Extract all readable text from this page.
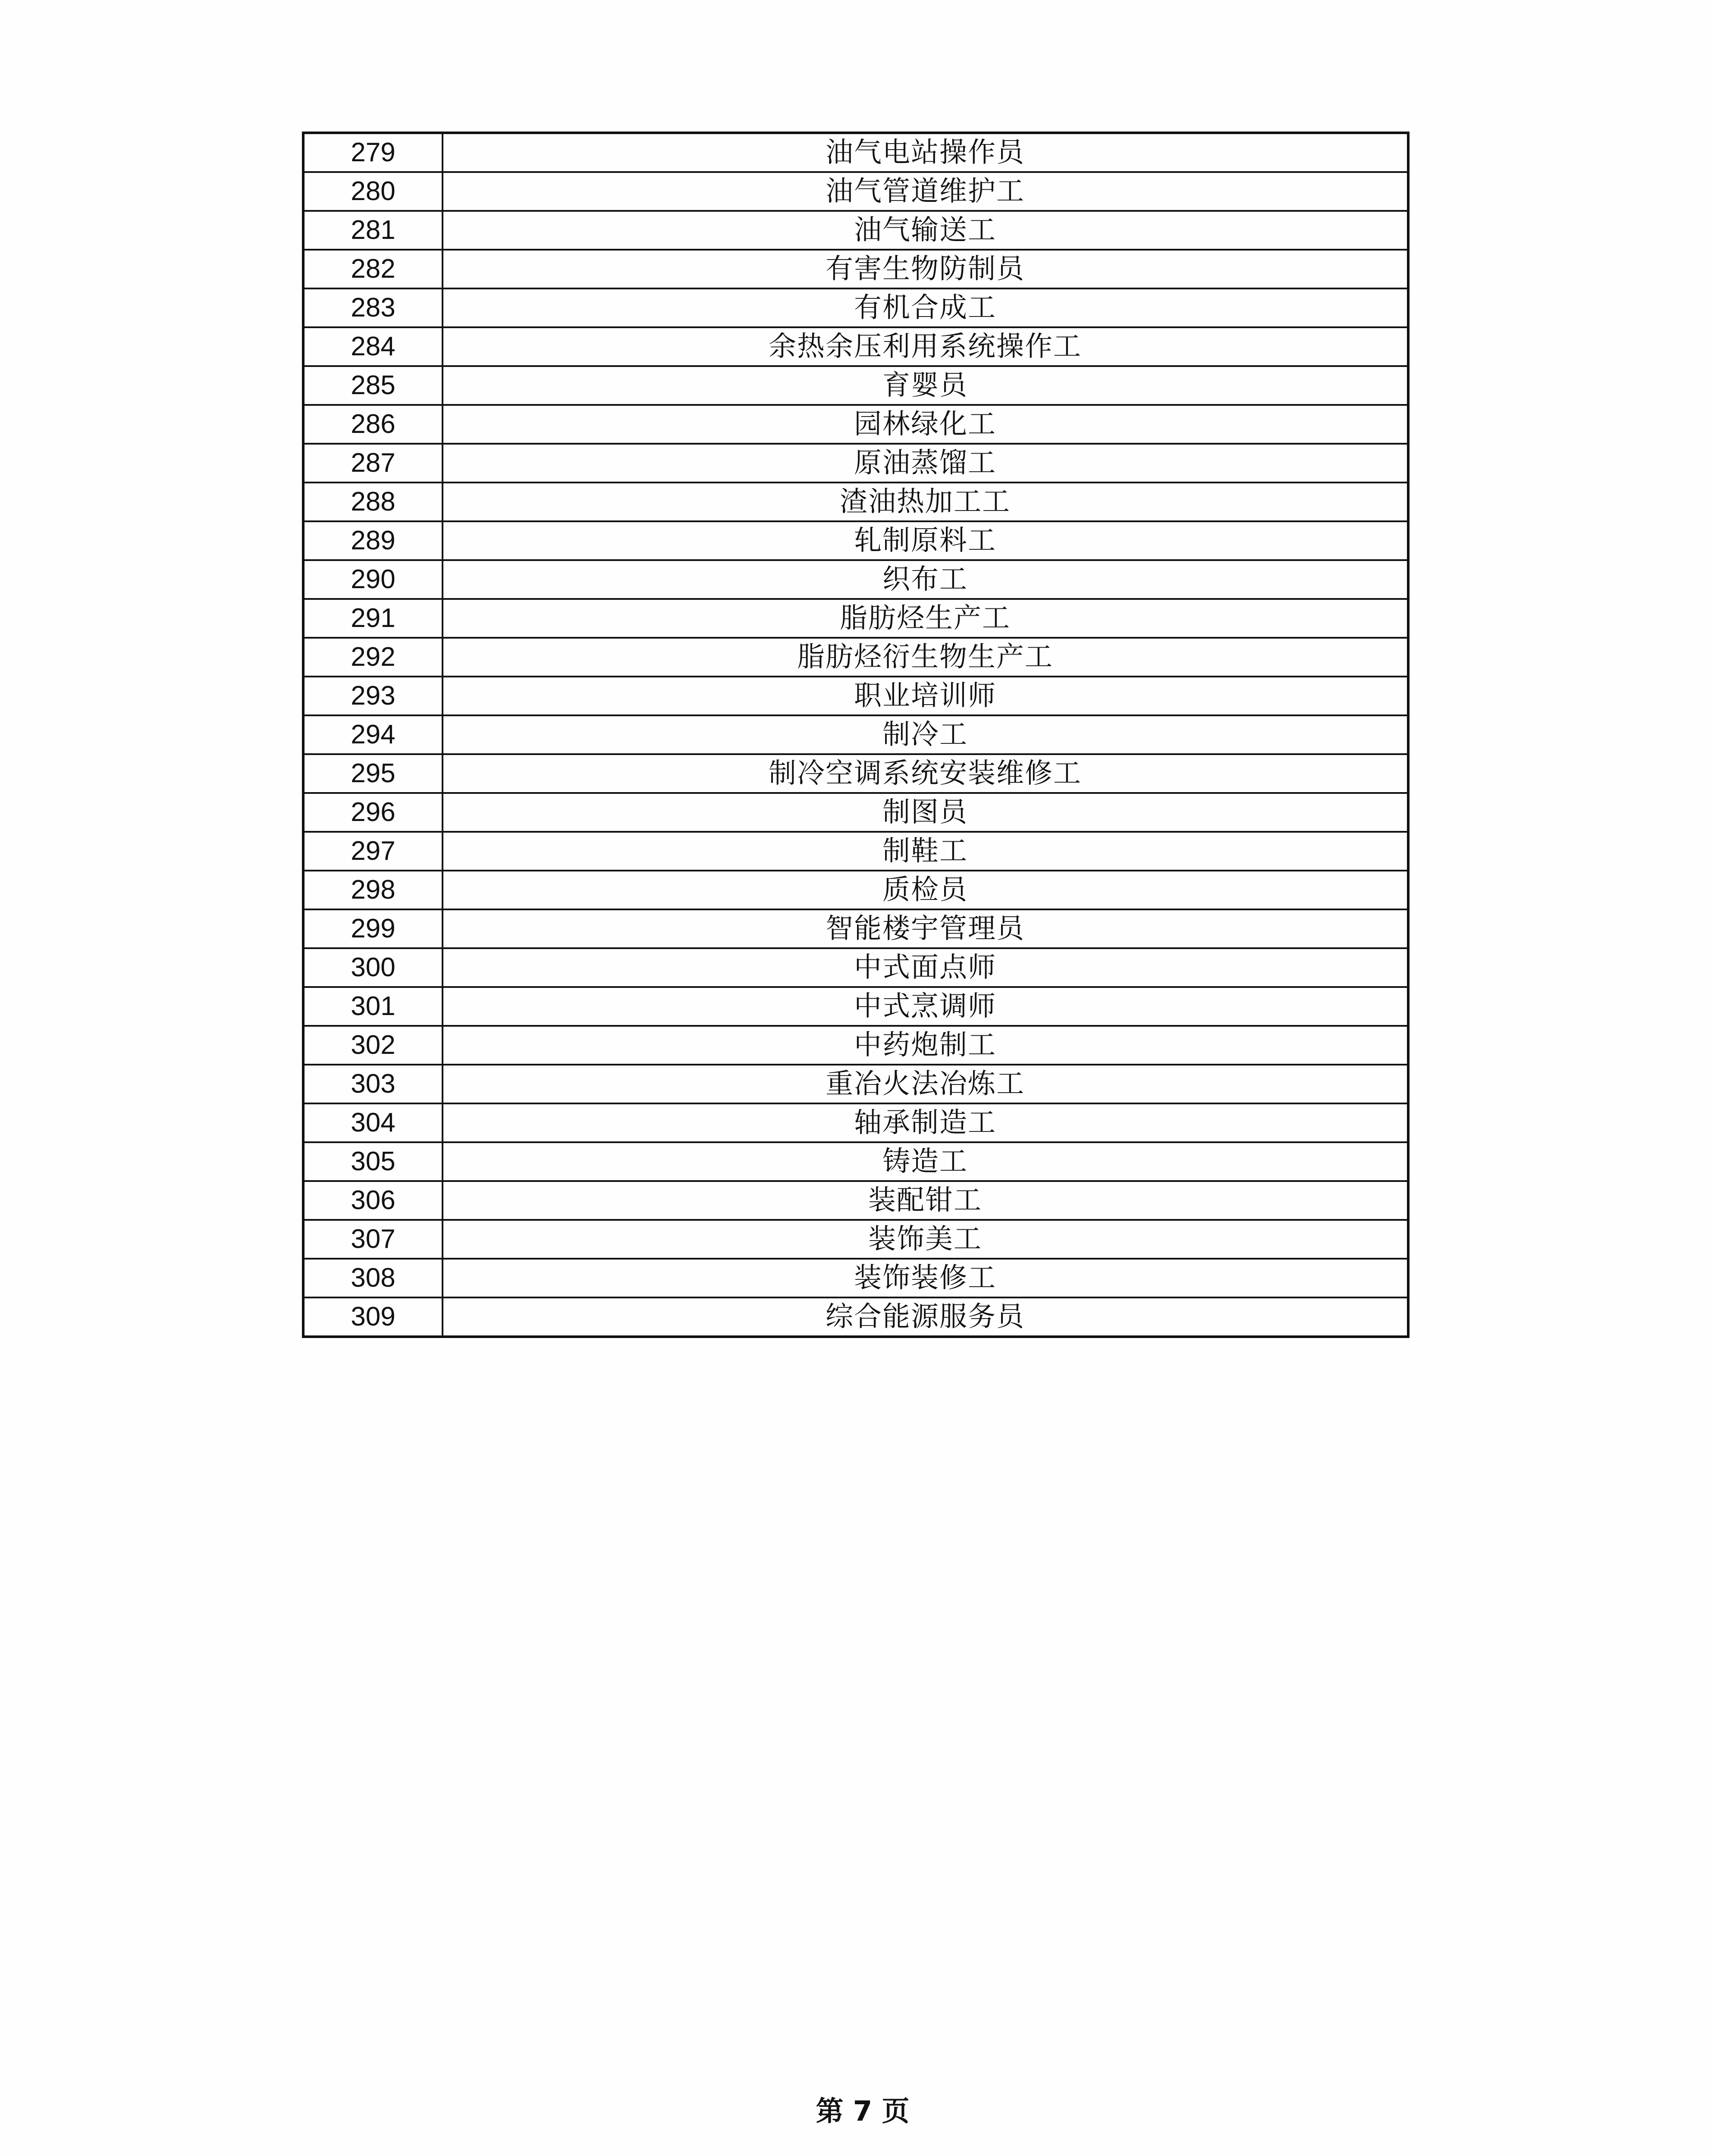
279	油气电站操作员
280	油气管道维护工
281	油气输送工
282	有害生物防制员
283	有机合成工
284	余热余压利用系统操作工
285	育婴员
286	园林绿化工
287	原油蒸馏工
288	渣油热加工工
289	轧制原料工
290	织布工
291	脂肪烃生产工
292	脂肪烃衍生物生产工
293	职业培训师
294	制冷工
295	制冷空调系统安装维修工
296	制图员
297	制鞋工
298	质检员
299	智能楼宇管理员
300	中式面点师
301	中式烹调师
302	中药炮制工
303	重冶火法冶炼工
304	轴承制造工
305	铸造工
306	装配钳工
307	装饰美工
308	装饰装修工
309	综合能源服务员
第 7 页
